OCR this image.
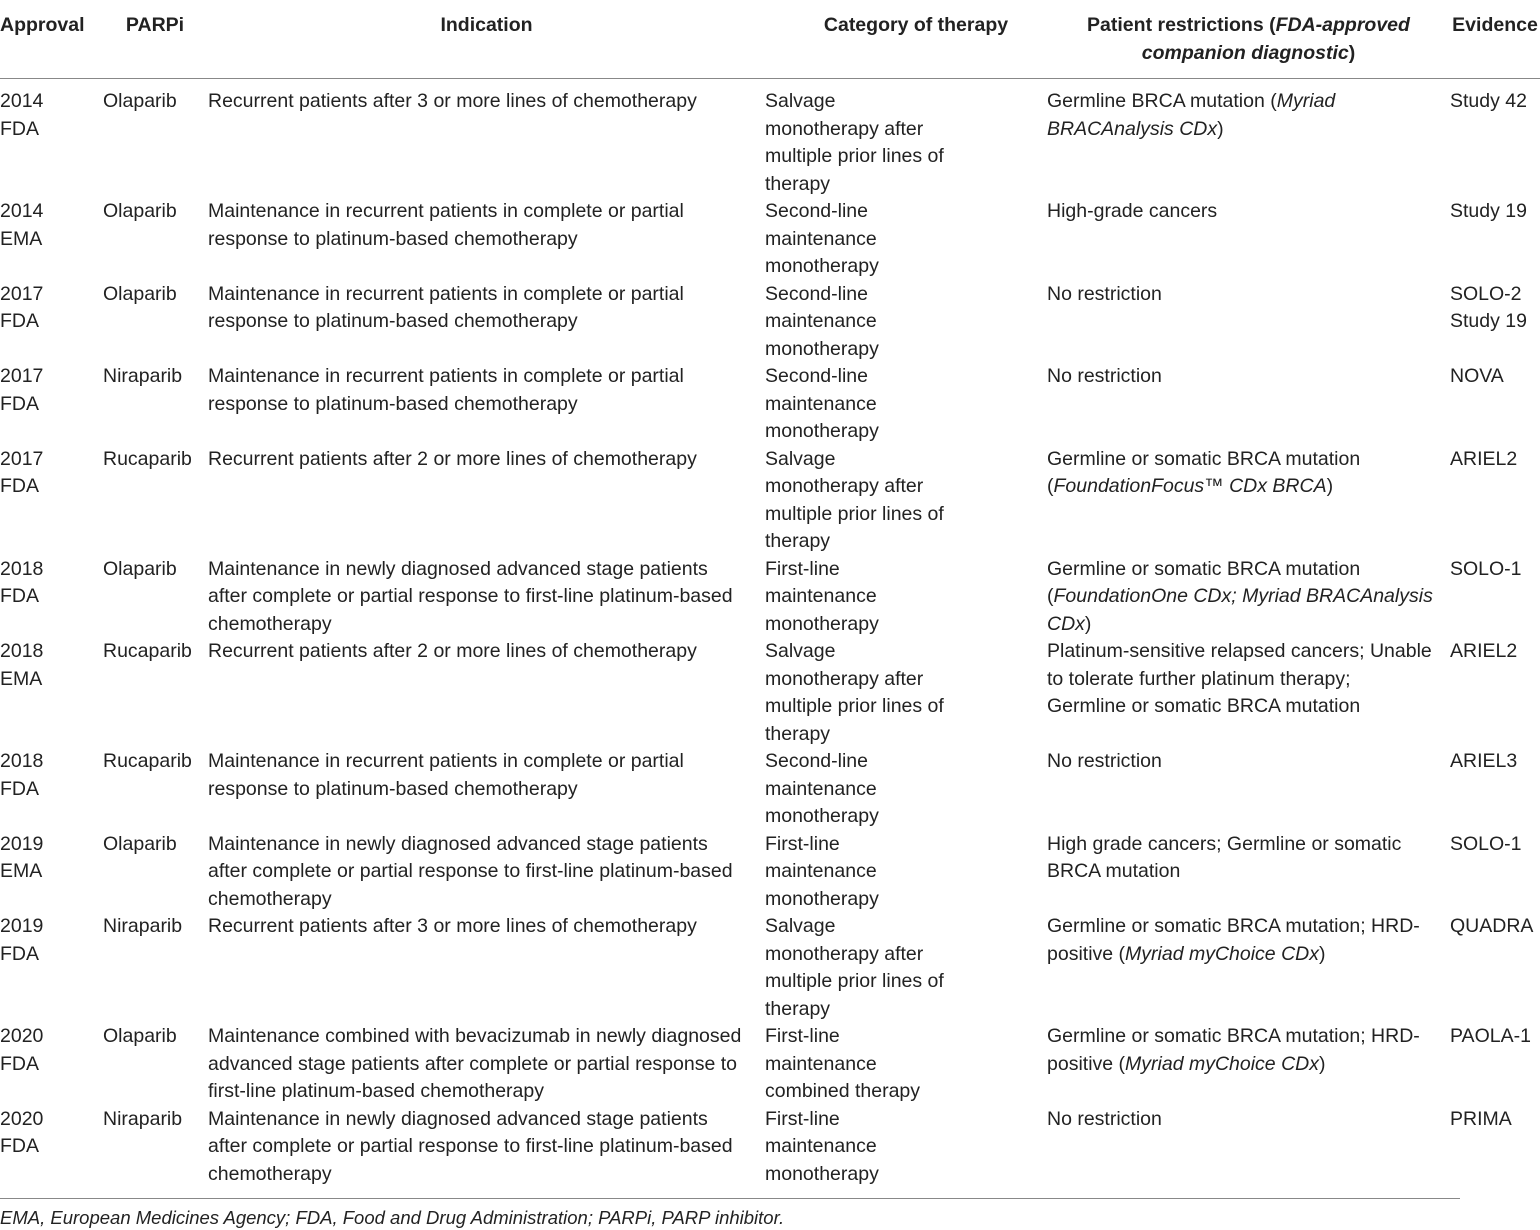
Approval	PARPi	Indication	Category of therapy	Patient restrictions (FDA-approved companion diagnostic)	Evidence
2014
FDA	Olaparib	Recurrent patients after 3 or more lines of chemotherapy	Salvage
monotherapy after
multiple prior lines of
therapy	Germline BRCA mutation (Myriad BRACAnalysis CDx)	Study 42
2014
EMA	Olaparib	Maintenance in recurrent patients in complete or partial
response to platinum-based chemotherapy	Second-line
maintenance
monotherapy	High-grade cancers	Study 19
2017
FDA	Olaparib	Maintenance in recurrent patients in complete or partial
response to platinum-based chemotherapy	Second-line
maintenance
monotherapy	No restriction	SOLO-2
Study 19
2017
FDA	Niraparib	Maintenance in recurrent patients in complete or partial
response to platinum-based chemotherapy	Second-line
maintenance
monotherapy	No restriction	NOVA
2017
FDA	Rucaparib	Recurrent patients after 2 or more lines of chemotherapy	Salvage
monotherapy after
multiple prior lines of
therapy	Germline or somatic BRCA mutation
(FoundationFocus™ CDx BRCA)	ARIEL2
2018
FDA	Olaparib	Maintenance in newly diagnosed advanced stage patients
after complete or partial response to first-line platinum-based
chemotherapy	First-line
maintenance
monotherapy	Germline or somatic BRCA mutation
(FoundationOne CDx; Myriad BRACAnalysis
CDx)	SOLO-1
2018
EMA	Rucaparib	Recurrent patients after 2 or more lines of chemotherapy	Salvage
monotherapy after
multiple prior lines of
therapy	Platinum-sensitive relapsed cancers; Unable
to tolerate further platinum therapy;
Germline or somatic BRCA mutation	ARIEL2
2018
FDA	Rucaparib	Maintenance in recurrent patients in complete or partial
response to platinum-based chemotherapy	Second-line
maintenance
monotherapy	No restriction	ARIEL3
2019
EMA	Olaparib	Maintenance in newly diagnosed advanced stage patients
after complete or partial response to first-line platinum-based
chemotherapy	First-line
maintenance
monotherapy	High grade cancers; Germline or somatic
BRCA mutation	SOLO-1
2019
FDA	Niraparib	Recurrent patients after 3 or more lines of chemotherapy	Salvage
monotherapy after
multiple prior lines of
therapy	Germline or somatic BRCA mutation; HRD-
positive (Myriad myChoice CDx)	QUADRA
2020
FDA	Olaparib	Maintenance combined with bevacizumab in newly diagnosed
advanced stage patients after complete or partial response to
first-line platinum-based chemotherapy	First-line
maintenance
combined therapy	Germline or somatic BRCA mutation; HRD-
positive (Myriad myChoice CDx)	PAOLA-1
2020
FDA	Niraparib	Maintenance in newly diagnosed advanced stage patients
after complete or partial response to first-line platinum-based
chemotherapy	First-line
maintenance
monotherapy	No restriction	PRIMA
EMA, European Medicines Agency; FDA, Food and Drug Administration; PARPi, PARP inhibitor.
